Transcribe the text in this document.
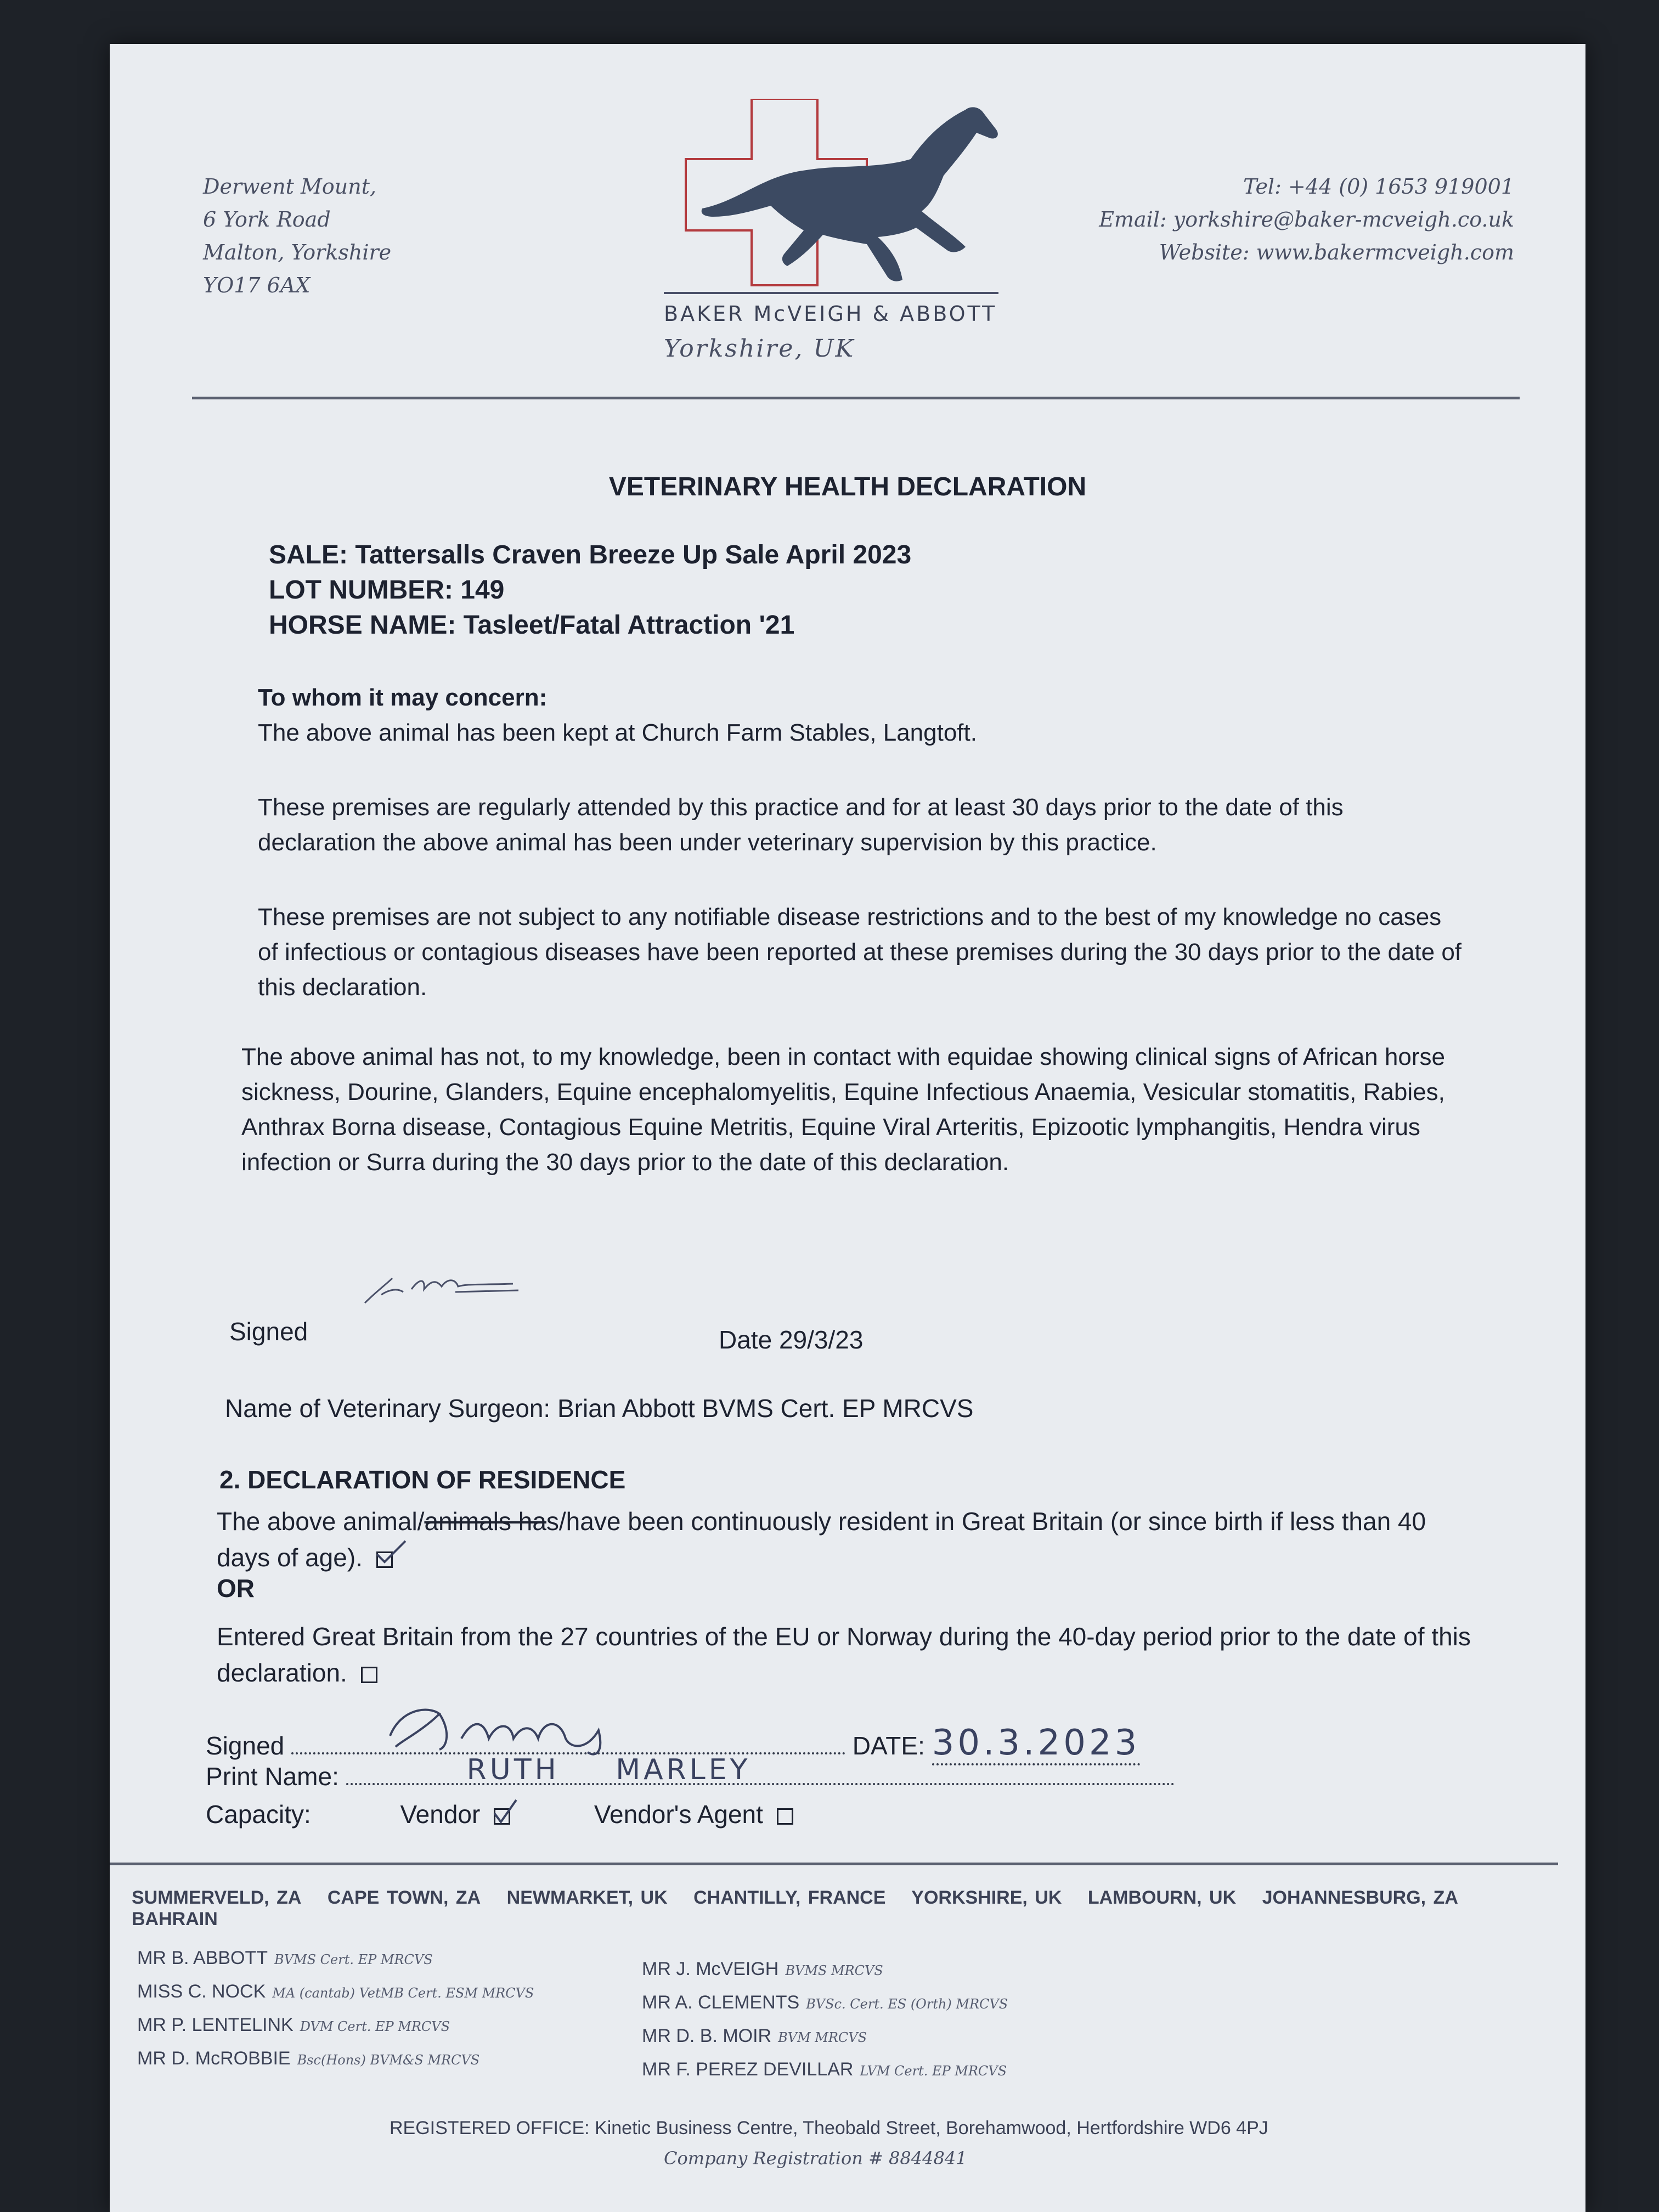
Derwent Mount,
6 York Road
Malton, Yorkshire
YO17 6AX
BAKER McVEIGH & ABBOTT
Yorkshire, UK
Tel: +44 (0) 1653 919001
Email: yorkshire@baker-mcveigh.co.uk
Website: www.bakermcveigh.com
VETERINARY HEALTH DECLARATION
SALE: Tattersalls Craven Breeze Up Sale April 2023
LOT NUMBER: 149
HORSE NAME: Tasleet/Fatal Attraction '21
To whom it may concern:
The above animal has been kept at Church Farm Stables, Langtoft.
These premises are regularly attended by this practice and for at least 30 days prior to the date of this declaration the above animal has been under veterinary supervision by this practice.
These premises are not subject to any notifiable disease restrictions and to the best of my knowledge no cases of infectious or contagious diseases have been reported at these premises during the 30 days prior to the date of this declaration.
The above animal has not, to my knowledge, been in contact with equidae showing clinical signs of African horse sickness, Dourine, Glanders, Equine encephalomyelitis, Equine Infectious Anaemia, Vesicular stomatitis, Rabies, Anthrax Borna disease, Contagious Equine Metritis, Equine Viral Arteritis, Epizootic lymphangitis, Hendra virus infection or Surra during the 30 days prior to the date of this declaration.
Signed	Date 29/3/23
Name of Veterinary Surgeon: Brian Abbott BVMS Cert. EP MRCVS
2. DECLARATION OF RESIDENCE
The above animal/animals has/have been continuously resident in Great Britain (or since birth if less than 40 days of age).
OR
Entered Great Britain from the 27 countries of the EU or Norway during the 40-day period prior to the date of this declaration.
Signed	DATE: 30.3.2023
Print Name:	RUTH MARLEY
Capacity:	Vendor	Vendor's Agent
SUMMERVELD, ZA CAPE TOWN, ZA NEWMARKET, UK CHANTILLY, FRANCE YORKSHIRE, UK LAMBOURN, UK JOHANNESBURG, ZA BAHRAIN
MR B. ABBOTT BVMS Cert. EP MRCVS
MISS C. NOCK MA (cantab) VetMB Cert. ESM MRCVS
MR P. LENTELINK DVM Cert. EP MRCVS
MR D. McROBBIE Bsc(Hons) BVM&S MRCVS
MR J. McVEIGH BVMS MRCVS
MR A. CLEMENTS BVSc. Cert. ES (Orth) MRCVS
MR D. B. MOIR BVM MRCVS
MR F. PEREZ DEVILLAR LVM Cert. EP MRCVS
REGISTERED OFFICE: Kinetic Business Centre, Theobald Street, Borehamwood, Hertfordshire WD6 4PJ
Company Registration # 8844841
